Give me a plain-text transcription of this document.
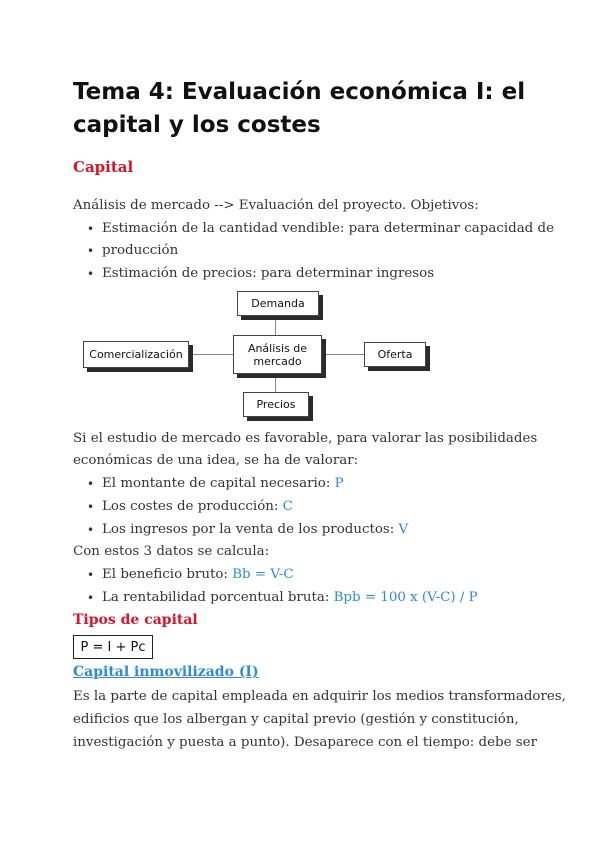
Tema 4: Evaluación económica I: el
capital y los costes
Capital
Análisis de mercado --> Evaluación del proyecto. Objetivos:
Estimación de la cantidad vendible: para determinar capacidad de
producción
Estimación de precios: para determinar ingresos
Demanda
Comercialización	Análisis de
mercado	Oferta
Precios
Si el estudio de mercado es favorable, para valorar las posibilidades
económicas de una idea, se ha de valorar:
El montante de capital necesario: P
Los costes de producción: C
Los ingresos por la venta de los productos: V
Con estos 3 datos se calcula:
El beneficio bruto: Bb = V-C
La rentabilidad porcentual bruta: Bpb = 100 x (V-C) / P
Tipos de capital
P = I + Pc
Capital inmovilizado (I)
Es la parte de capital empleada en adquirir los medios transformadores,
edificios que los albergan y capital previo (gestión y constitución,
investigación y puesta a punto). Desaparece con el tiempo: debe ser
